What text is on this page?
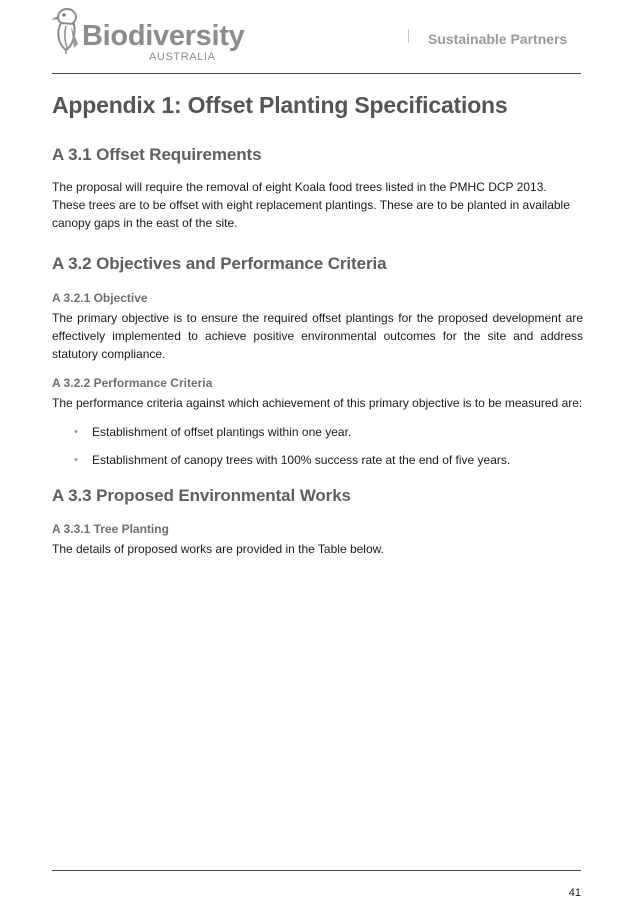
Biodiversity
AUSTRALIA
Sustainable Partners
Appendix 1: Offset Planting Specifications
A 3.1 Offset Requirements

The proposal will require the removal of eight Koala food trees listed in the PMHC DCP 2013. These trees are to be offset with eight replacement plantings. These are to be planted in available canopy gaps in the east of the site.

A 3.2 Objectives and Performance Criteria
A 3.2.1 Objective

The primary objective is to ensure the required offset plantings for the proposed development are effectively implemented to achieve positive environmental outcomes for the site and address statutory compliance.

A 3.2.2 Performance Criteria

The performance criteria against which achievement of this primary objective is to be measured are:

• Establishment of offset plantings within one year.
• Establishment of canopy trees with 100% success rate at the end of five years.
A 3.3 Proposed Environmental Works
A 3.3.1 Tree Planting

The details of proposed works are provided in the Table below.

41
